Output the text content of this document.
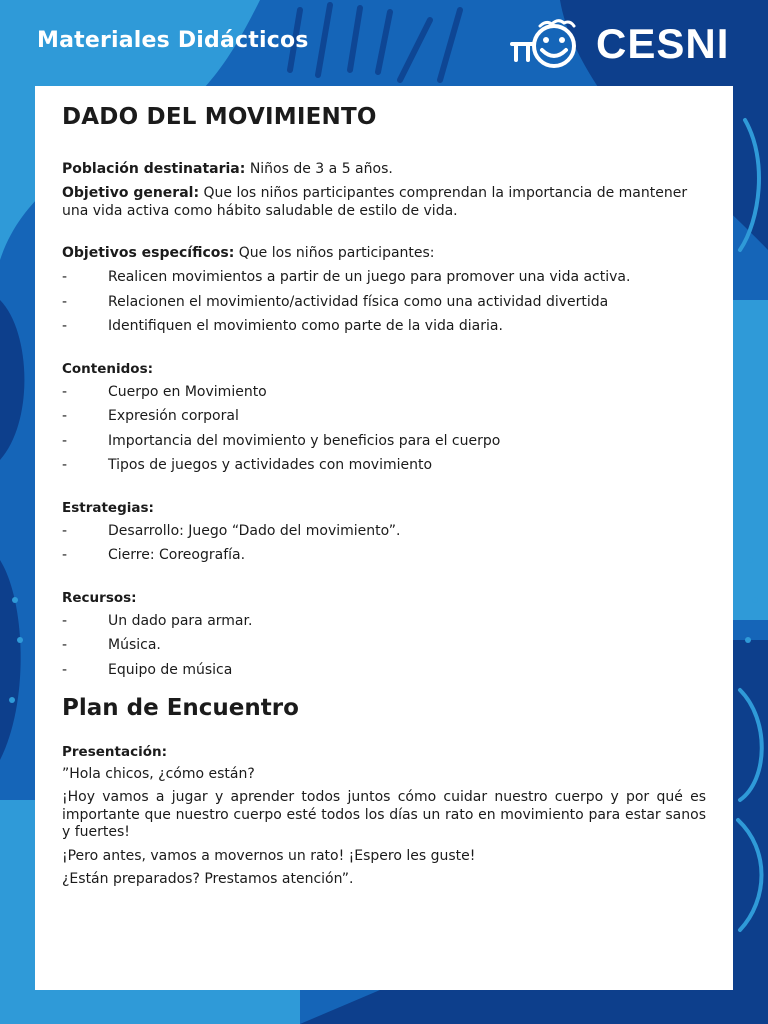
Materiales Didácticos	CESNI
DADO DEL MOVIMIENTO
Población destinataria: Niños de 3 a 5 años.
Objetivo general: Que los niños participantes comprendan la importancia de mantener una vida activa como hábito saludable de estilo de vida.
Objetivos específicos: Que los niños participantes:
-	Realicen movimientos a partir de un juego para promover una vida activa.
-	Relacionen el movimiento/actividad física como una actividad divertida
-	Identifiquen el movimiento como parte de la vida diaria.
Contenidos:
-	Cuerpo en Movimiento
-	Expresión corporal
-	Importancia del movimiento y beneficios para el cuerpo
-	Tipos de juegos y actividades con movimiento
Estrategias:
-	Desarrollo: Juego “Dado del movimiento”.
-	Cierre: Coreografía.
Recursos:
-	Un dado para armar.
-	Música.
-	Equipo de música
Plan de Encuentro
Presentación:

”Hola chicos, ¿cómo están?

¡Hoy vamos a jugar y aprender todos juntos cómo cuidar nuestro cuerpo y por qué es importante que nuestro cuerpo esté todos los días un rato en movimiento para estar sanos y fuertes!

¡Pero antes, vamos a movernos un rato! ¡Espero les guste!

¿Están preparados? Prestamos atención”.
